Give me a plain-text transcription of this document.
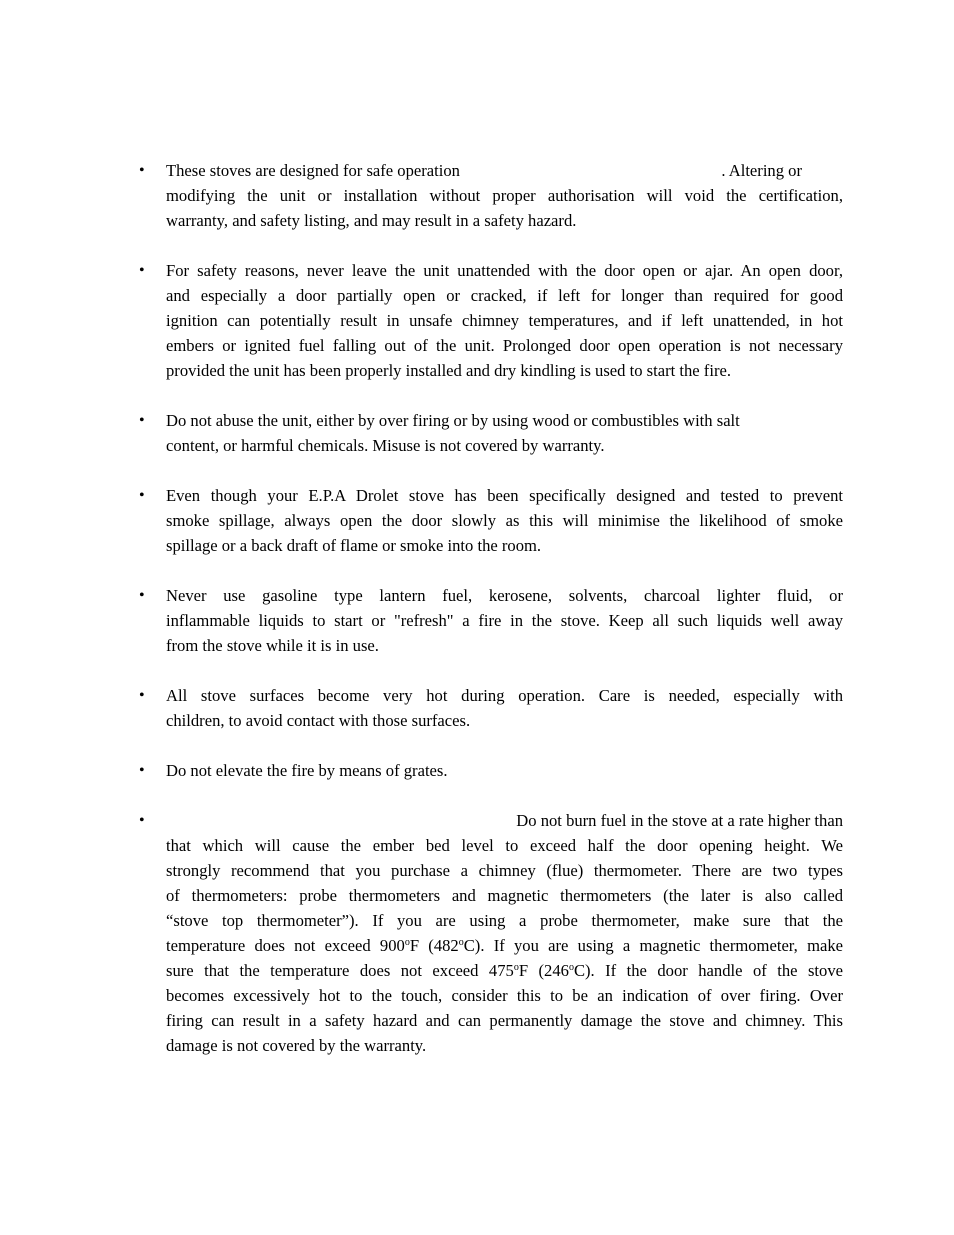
• These stoves are designed for safe operation	. Altering or
modifying the unit or installation without proper authorisation will void the certification,
warranty, and safety listing, and may result in a safety hazard.
• For safety reasons, never leave the unit unattended with the door open or ajar. An open door,
and especially a door partially open or cracked, if left for longer than required for good
ignition can potentially result in unsafe chimney temperatures, and if left unattended, in hot
embers or ignited fuel falling out of the unit. Prolonged door open operation is not necessary
provided the unit has been properly installed and dry kindling is used to start the fire.
• Do not abuse the unit, either by over firing or by using wood or combustibles with salt
content, or harmful chemicals. Misuse is not covered by warranty.
• Even though your E.P.A Drolet stove has been specifically designed and tested to prevent
smoke spillage, always open the door slowly as this will minimise the likelihood of smoke
spillage or a back draft of flame or smoke into the room.
• Never use gasoline type lantern fuel, kerosene, solvents, charcoal lighter fluid, or
inflammable liquids to start or "refresh" a fire in the stove. Keep all such liquids well away
from the stove while it is in use.
• All stove surfaces become very hot during operation. Care is needed, especially with
children, to avoid contact with those surfaces.
• Do not elevate the fire by means of grates.
•	Do not burn fuel in the stove at a rate higher than
that which will cause the ember bed level to exceed half the door opening height. We
strongly recommend that you purchase a chimney (flue) thermometer. There are two types
of thermometers: probe thermometers and magnetic thermometers (the later is also called
“stove top thermometer”). If you are using a probe thermometer, make sure that the
temperature does not exceed 900$^o$F (482$^o$C). If you are using a magnetic thermometer, make
sure that the temperature does not exceed 475$^o$F (246$^o$C). If the door handle of the stove
becomes excessively hot to the touch, consider this to be an indication of over firing. Over
firing can result in a safety hazard and can permanently damage the stove and chimney. This
damage is not covered by the warranty.
